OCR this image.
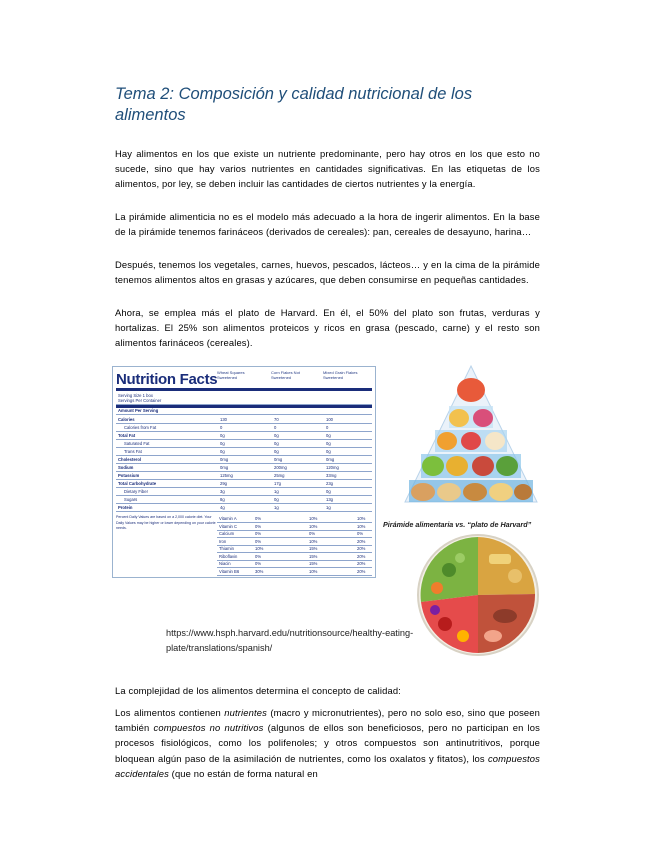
Tema 2: Composición y calidad nutricional de los alimentos

Hay alimentos en los que existe un nutriente predominante, pero hay otros en los que esto no sucede, sino que hay varios nutrientes en cantidades significativas. En las etiquetas de los alimentos, por ley, se deben incluir las cantidades de ciertos nutrientes y la energía.

La pirámide alimenticia no es el modelo más adecuado a la hora de ingerir alimentos. En la base de la pirámide tenemos farináceos (derivados de cereales): pan, cereales de desayuno, harina…

Después, tenemos los vegetales, carnes, huevos, pescados, lácteos… y en la cima de la pirámide tenemos alimentos altos en grasas y azúcares, que deben consumirse en pequeñas cantidades.

Ahora, se emplea más el plato de Harvard. En él, el 50% del plato son frutas, verduras y hortalizas. El 25% son alimentos proteicos y ricos en grasa (pescado, carne) y el resto son alimentos farináceos (cereales).

Nutrition Facts Wheat Squares Sweetened
Corn Flakes Not Sweetened
Mixed Grain Flakes Sweetened
Serving Size 1 box
Servings Per Container
Amount Per Serving
Calories	130	70	100
Calories from Fat	0	0	0
Total Fat	0g	0g	0g
Saturated Fat	0g	0g	0g
Trans Fat	0g	0g	0g
Cholesterol	0mg	0mg	0mg
Sodium	0mg	200mg	120mg
Potassium	125mg	25mg	33mg
Total Carbohydrate	29g	17g	23g
Dietary Fiber	3g	1g	0g
Sugars	8g	0g	13g
Protein	4g	1g	1g
Percent Daily Values are based on a 2,000 calorie diet. Your Daily Values may be higher or lower depending on your calorie needs.
Vitamin A	0%	10%	10%
Vitamin C	0%	10%	10%
Calcium	0%	0%	0%
Iron	0%	10%	20%
Thiamin	10%	15%	20%
Riboflavin	0%	15%	20%
Niacin	0%	15%	20%
Vitamin B6	30%	10%	20%
Pirámide alimentaria vs. “plato de Harvard”
https://www.hsph.harvard.edu/nutritionsource/healthy-eating-plate/translations/spanish/

La complejidad de los alimentos determina el concepto de calidad:

Los alimentos contienen nutrientes (macro y micronutrientes), pero no solo eso, sino que poseen también compuestos no nutritivos (algunos de ellos son beneficiosos, pero no participan en los procesos fisiológicos, como los polifenoles; y otros compuestos son antinutritivos, porque bloquean algún paso de la asimilación de nutrientes, como los oxalatos y fitatos), los compuestos accidentales (que no están de forma natural en
